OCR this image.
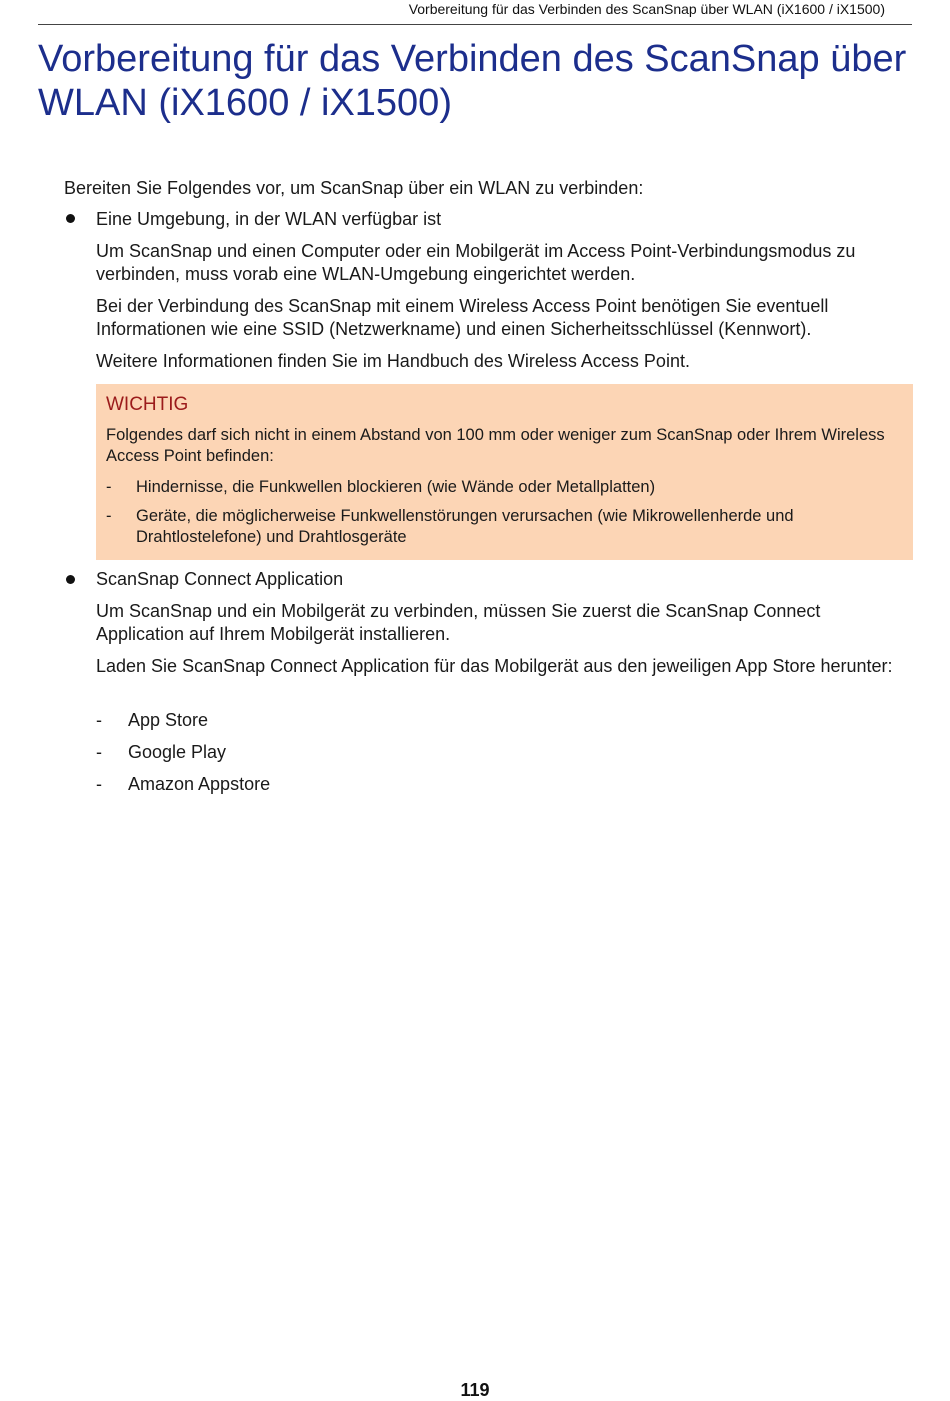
Vorbereitung für das Verbinden des ScanSnap über WLAN (iX1600 / iX1500)
Vorbereitung für das Verbinden des ScanSnap über WLAN (iX1600 / iX1500)

Bereiten Sie Folgendes vor, um ScanSnap über ein WLAN zu verbinden:

Eine Umgebung, in der WLAN verfügbar ist

Um ScanSnap und einen Computer oder ein Mobilgerät im Access Point-Verbindungsmodus zu verbinden, muss vorab eine WLAN-Umgebung eingerichtet werden.

Bei der Verbindung des ScanSnap mit einem Wireless Access Point benötigen Sie eventuell Informationen wie eine SSID (Netzwerkname) und einen Sicherheitsschlüssel (Kennwort).

Weitere Informationen finden Sie im Handbuch des Wireless Access Point.

WICHTIG

Folgendes darf sich nicht in einem Abstand von 100 mm oder weniger zum ScanSnap oder Ihrem Wireless Access Point befinden:

- Hindernisse, die Funkwellen blockieren (wie Wände oder Metallplatten)

- Geräte, die möglicherweise Funkwellenstörungen verursachen (wie Mikrowellenherde und Drahtlostelefone) und Drahtlosgeräte

ScanSnap Connect Application

Um ScanSnap und ein Mobilgerät zu verbinden, müssen Sie zuerst die ScanSnap Connect Application auf Ihrem Mobilgerät installieren.

Laden Sie ScanSnap Connect Application für das Mobilgerät aus den jeweiligen App Store herunter:

- App Store

- Google Play

- Amazon Appstore

119
